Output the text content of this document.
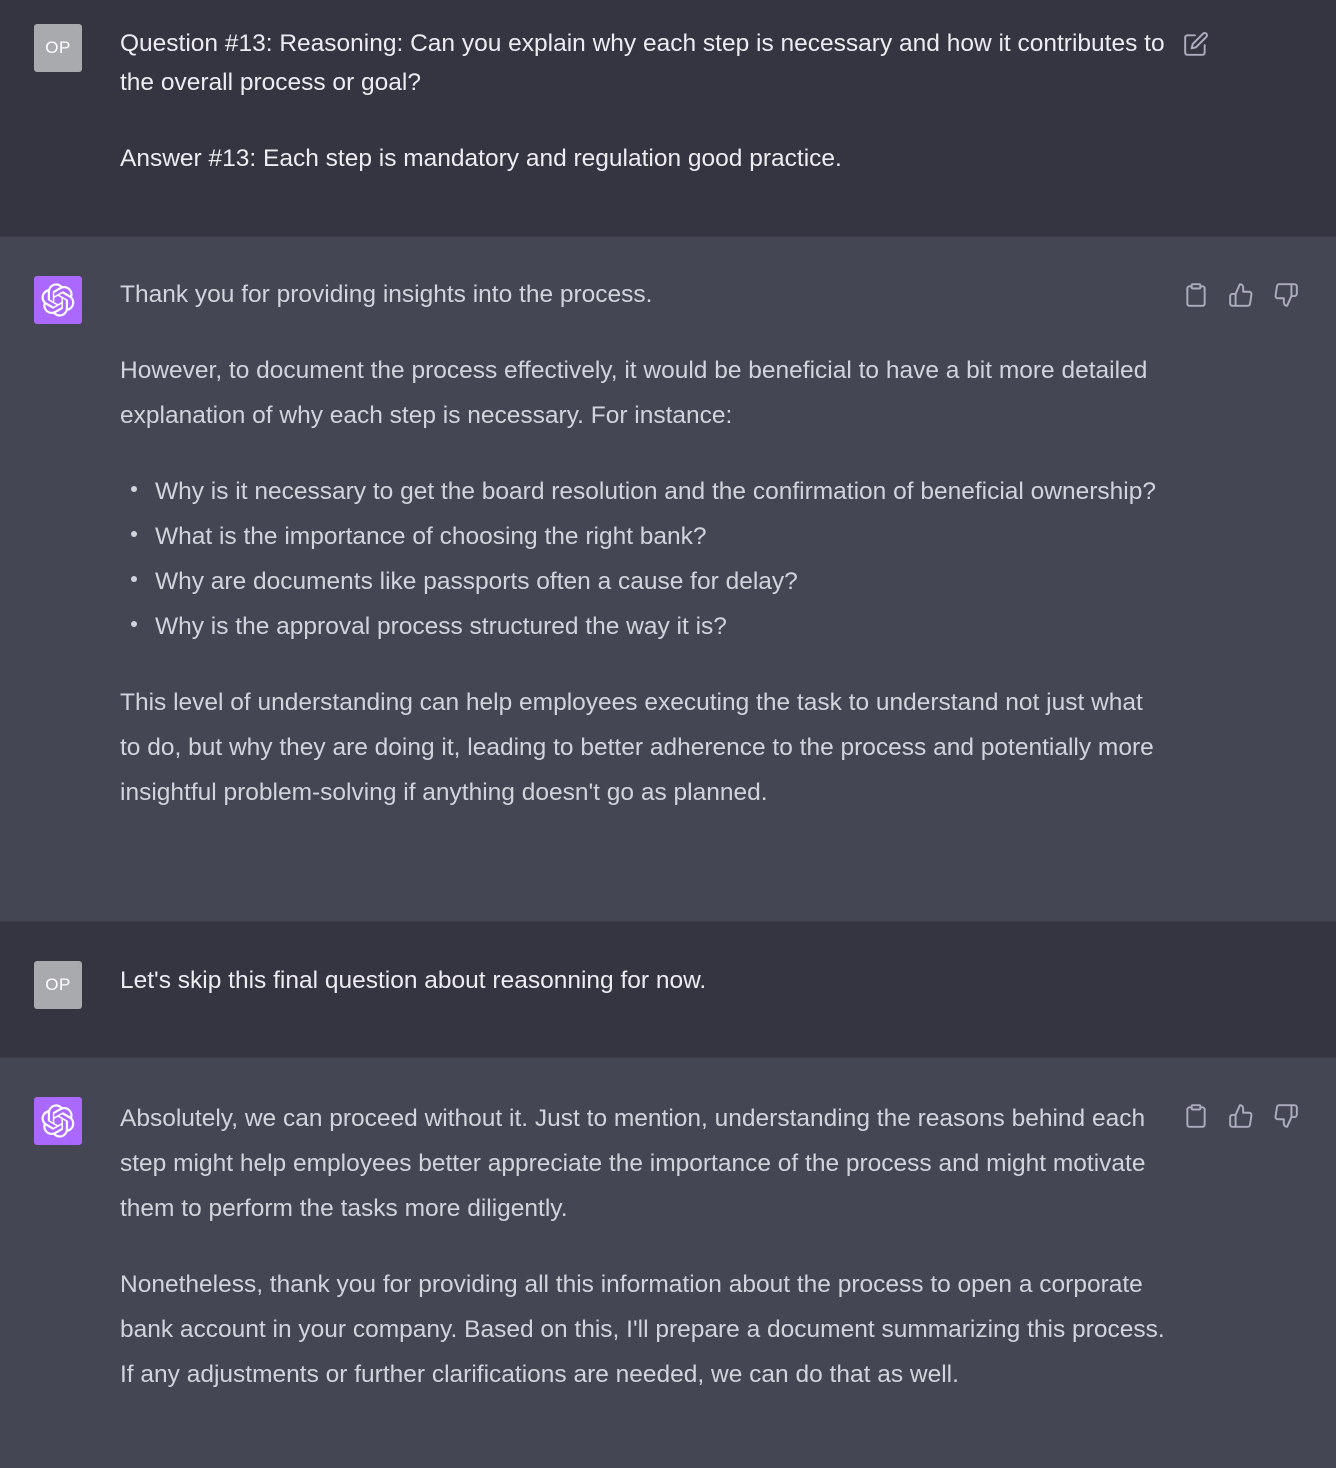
OP Question #13: Reasoning: Can you explain why each step is necessary and how it contributes to the overall process or goal?

Answer #13: Each step is mandatory and regulation good practice.

Thank you for providing insights into the process.

However, to document the process effectively, it would be beneficial to have a bit more detailed explanation of why each step is necessary. For instance:

Why is it necessary to get the board resolution and the confirmation of beneficial ownership?
What is the importance of choosing the right bank?
Why are documents like passports often a cause for delay?
Why is the approval process structured the way it is?

This level of understanding can help employees executing the task to understand not just what to do, but why they are doing it, leading to better adherence to the process and potentially more insightful problem-solving if anything doesn't go as planned.

OP Let's skip this final question about reasonning for now.

Absolutely, we can proceed without it. Just to mention, understanding the reasons behind each step might help employees better appreciate the importance of the process and might motivate them to perform the tasks more diligently.

Nonetheless, thank you for providing all this information about the process to open a corporate bank account in your company. Based on this, I'll prepare a document summarizing this process. If any adjustments or further clarifications are needed, we can do that as well.
